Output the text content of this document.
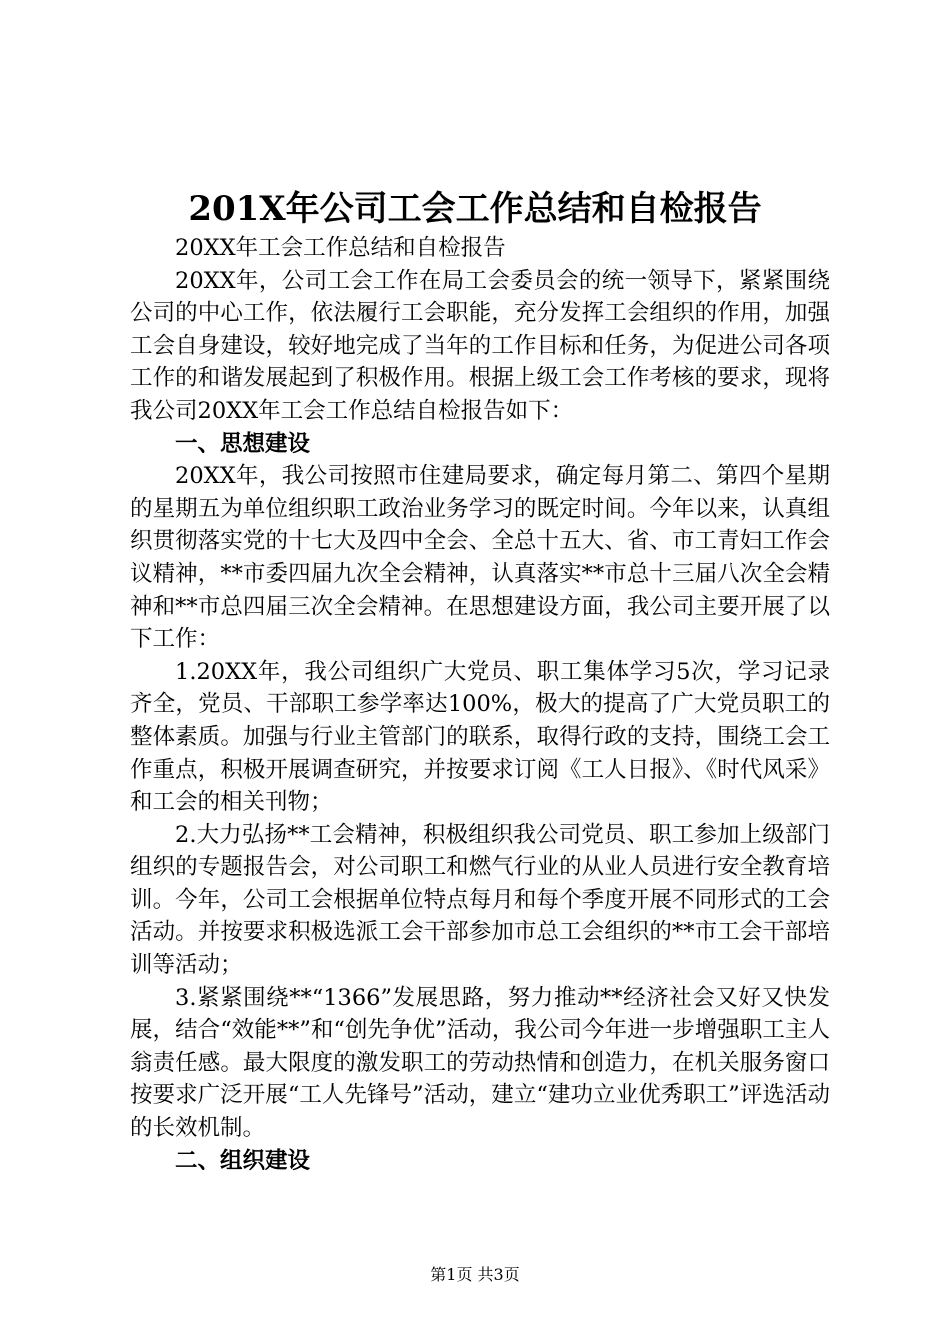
201X年公司工会工作总结和自检报告

20XX年工会工作总结和自检报告

20XX年，公司工会工作在局工会委员会的统一领导下，紧紧围绕公司的中心工作，依法履行工会职能，充分发挥工会组织的作用，加强工会自身建设，较好地完成了当年的工作目标和任务，为促进公司各项工作的和谐发展起到了积极作用。根据上级工会工作考核的要求，现将我公司20XX年工会工作总结自检报告如下：

一、思想建设

20XX年，我公司按照市住建局要求，确定每月第二、第四个星期的星期五为单位组织职工政治业务学习的既定时间。今年以来，认真组织贯彻落实党的十七大及四中全会、全总十五大、省、市工青妇工作会议精神，**市委四届九次全会精神，认真落实**市总十三届八次全会精神和**市总四届三次全会精神。在思想建设方面，我公司主要开展了以下工作：

1.20XX年，我公司组织广大党员、职工集体学习5次，学习记录齐全，党员、干部职工参学率达100%，极大的提高了广大党员职工的整体素质。加强与行业主管部门的联系，取得行政的支持，围绕工会工作重点，积极开展调查研究，并按要求订阅《工人日报》、《时代风采》和工会的相关刊物；

2.大力弘扬**工会精神，积极组织我公司党员、职工参加上级部门组织的专题报告会，对公司职工和燃气行业的从业人员进行安全教育培训。今年，公司工会根据单位特点每月和每个季度开展不同形式的工会活动。并按要求积极选派工会干部参加市总工会组织的**市工会干部培训等活动；

3.紧紧围绕**“1366”发展思路，努力推动**经济社会又好又快发展，结合“效能**”和“创先争优”活动，我公司今年进一步增强职工主人翁责任感。最大限度的激发职工的劳动热情和创造力，在机关服务窗口按要求广泛开展“工人先锋号”活动，建立“建功立业优秀职工”评选活动的长效机制。

二、组织建设

第1页 共3页
